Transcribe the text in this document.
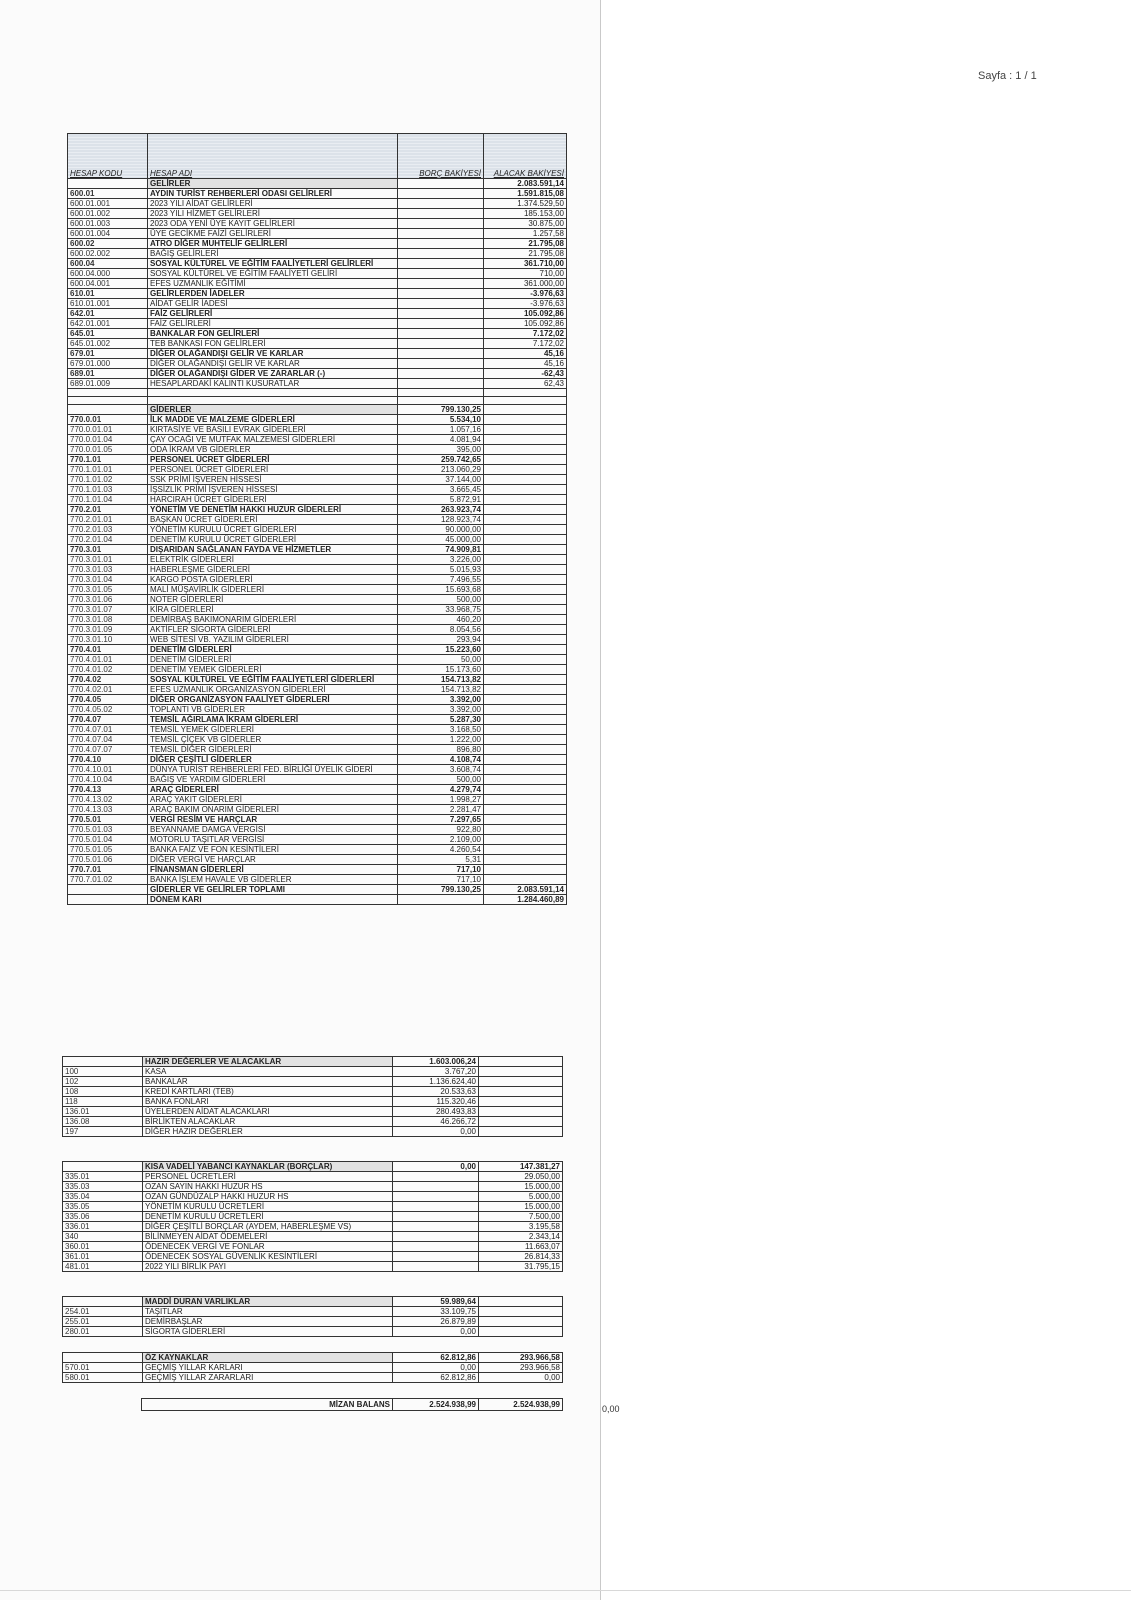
Sayfa : 1 / 1
0,00
HESAP KODU	HESAP ADI	BORÇ BAKİYESİ	ALACAK BAKİYESİ
	GELİRLER		2.083.591,14
600.01	AYDIN TURİST REHBERLERİ ODASI GELİRLERİ		1.591.815,08
600.01.001	2023 YILI AİDAT GELİRLERİ		1.374.529,50
600.01.002	2023 YILI HİZMET GELİRLERİ		185.153,00
600.01.003	2023 ODA YENİ ÜYE KAYIT GELİRLERİ		30.875,00
600.01.004	ÜYE GECİKME FAİZİ GELİRLERİ		1.257,58
600.02	ATRO DİĞER MUHTELİF GELİRLERİ		21.795,08
600.02.002	BAĞIŞ GELİRLERİ		21.795,08
600.04	SOSYAL KÜLTÜREL VE EĞİTİM FAALİYETLERİ GELİRLERİ		361.710,00
600.04.000	SOSYAL KÜLTÜREL VE EĞİTİM FAALİYETİ GELİRİ		710,00
600.04.001	EFES UZMANLIK EĞİTİMİ		361.000,00
610.01	GELİRLERDEN İADELER		-3.976,63
610.01.001	AİDAT GELİR İADESİ		-3.976,63
642.01	FAİZ GELİRLERİ		105.092,86
642.01.001	FAİZ GELİRLERİ		105.092,86
645.01	BANKALAR FON GELİRLERİ		7.172,02
645.01.002	TEB BANKASI FON GELİRLERİ		7.172,02
679.01	DİĞER OLAĞANDIŞI GELİR VE KARLAR		45,16
679.01.000	DİĞER OLAĞANDIŞI GELİR VE KARLAR		45,16
689.01	DİĞER OLAĞANDIŞI GİDER VE ZARARLAR (-)		-62,43
689.01.009	HESAPLARDAKİ KALINTI KUSURATLAR		62,43

	GİDERLER	799.130,25	
770.0.01	İLK MADDE VE MALZEME GİDERLERİ	5.534,10	
770.0.01.01	KIRTASİYE VE BASILI EVRAK GİDERLERİ	1.057,16	
770.0.01.04	ÇAY OCAĞI VE MUTFAK MALZEMESİ GİDERLERİ	4.081,94	
770.0.01.05	ODA İKRAM VB GİDERLER	395,00	
770.1.01	PERSONEL ÜCRET GİDERLERİ	259.742,65	
770.1.01.01	PERSONEL ÜCRET GİDERLERİ	213.060,29	
770.1.01.02	SSK PRİMİ İŞVEREN HİSSESİ	37.144,00	
770.1.01.03	İŞSİZLİK PRİMİ İŞVEREN HİSSESİ	3.665,45	
770.1.01.04	HARCIRAH ÜCRET GİDERLERİ	5.872,91	
770.2.01	YÖNETİM VE DENETİM HAKKI HUZUR GİDERLERİ	263.923,74	
770.2.01.01	BAŞKAN ÜCRET GİDERLERİ	128.923,74	
770.2.01.03	YÖNETİM KURULU ÜCRET GİDERLERİ	90.000,00	
770.2.01.04	DENETİM KURULU ÜCRET GİDERLERİ	45.000,00	
770.3.01	DIŞARIDAN SAĞLANAN FAYDA VE HİZMETLER	74.909,81	
770.3.01.01	ELEKTRİK GİDERLERİ	3.226,00	
770.3.01.03	HABERLEŞME GİDERLERİ	5.015,93	
770.3.01.04	KARGO POSTA GİDERLERİ	7.496,55	
770.3.01.05	MALİ MÜŞAVİRLİK GİDERLERİ	15.693,68	
770.3.01.06	NOTER GİDERLERİ	500,00	
770.3.01.07	KİRA GİDERLERİ	33.968,75	
770.3.01.08	DEMİRBAŞ BAKIMONARIM GİDERLERİ	460,20	
770.3.01.09	AKTİFLER SİGORTA GİDERLERİ	8.054,56	
770.3.01.10	WEB SİTESİ VB. YAZILIM GİDERLERİ	293,94	
770.4.01	DENETİM GİDERLERİ	15.223,60	
770.4.01.01	DENETİM GİDERLERİ	50,00	
770.4.01.02	DENETİM YEMEK GİDERLERİ	15.173,60	
770.4.02	SOSYAL KÜLTÜREL VE EĞİTİM FAALİYETLERİ GİDERLERİ	154.713,82	
770.4.02.01	EFES UZMANLIK ORGANİZASYON GİDERLERİ	154.713,82	
770.4.05	DİĞER ORGANİZASYON FAALİYET GİDERLERİ	3.392,00	
770.4.05.02	TOPLANTI VB GİDERLER	3.392,00	
770.4.07	TEMSİL AĞIRLAMA İKRAM GİDERLERİ	5.287,30	
770.4.07.01	TEMSİL YEMEK GİDERLERİ	3.168,50	
770.4.07.04	TEMSİL ÇİÇEK VB GİDERLER	1.222,00	
770.4.07.07	TEMSİL DİĞER GİDERLERİ	896,80	
770.4.10	DİĞER ÇEŞİTLİ GİDERLER	4.108,74	
770.4.10.01	DÜNYA TURİST REHBERLERİ FED. BİRLİĞİ ÜYELİK GİDERİ	3.608,74	
770.4.10.04	BAĞIŞ VE YARDIM GİDERLERİ	500,00	
770.4.13	ARAÇ GİDERLERİ	4.279,74	
770.4.13.02	ARAÇ YAKIT GİDERLERİ	1.998,27	
770.4.13.03	ARAÇ BAKIM ONARIM GİDERLERİ	2.281,47	
770.5.01	VERGİ RESİM VE HARÇLAR	7.297,65	
770.5.01.03	BEYANNAME DAMGA VERGİSİ	922,80	
770.5.01.04	MOTORLU TAŞITLAR VERGİSİ	2.109,00	
770.5.01.05	BANKA FAİZ VE FON KESİNTİLERİ	4.260,54	
770.5.01.06	DİĞER VERGİ VE HARÇLAR	5,31	
770.7.01	FİNANSMAN GİDERLERİ	717,10	
770.7.01.02	BANKA İŞLEM HAVALE VB GİDERLER	717,10	
	GİDERLER VE GELİRLER TOPLAMI	799.130,25	2.083.591,14
	DÖNEM KARI		1.284.460,89
	HAZIR DEĞERLER VE ALACAKLAR	1.603.006,24	
100	KASA	3.767,20	
102	BANKALAR	1.136.624,40	
108	KREDİ KARTLARI (TEB)	20.533,63	
118	BANKA FONLARI	115.320,46	
136.01	ÜYELERDEN AİDAT ALACAKLARI	280.493,83	
136.08	BİRLİKTEN ALACAKLAR	46.266,72	
197	DİĞER HAZIR DEĞERLER	0,00	
	KISA VADELİ YABANCI KAYNAKLAR (BORÇLAR)	0,00	147.381,27
335.01	PERSONEL ÜCRETLERİ		29.050,00
335.03	OZAN SAYIN HAKKI HUZUR HS		15.000,00
335.04	OZAN GÜNDÜZALP HAKKI HUZUR HS		5.000,00
335.05	YÖNETİM KURULU ÜCRETLERİ		15.000,00
335.06	DENETİM KURULU ÜCRETLERİ		7.500,00
336.01	DİĞER ÇEŞİTLİ BORÇLAR (AYDEM, HABERLEŞME VS)		3.195,58
340	BİLİNMEYEN AİDAT ÖDEMELERİ		2.343,14
360.01	ÖDENECEK VERGİ VE FONLAR		11.663,07
361.01	ÖDENECEK SOSYAL GÜVENLİK KESİNTİLERİ		26.814,33
481.01	2022 YILI BİRLİK PAYI		31.795,15
	MADDİ DURAN VARLIKLAR	59.989,64	
254.01	TAŞITLAR	33.109,75	
255.01	DEMİRBAŞLAR	26.879,89	
280.01	SİGORTA GİDERLERİ	0,00	
	ÖZ KAYNAKLAR	62.812,86	293.966,58
570.01	GEÇMİŞ YILLAR KARLARI	0,00	293.966,58
580.01	GEÇMİŞ YILLAR ZARARLARI	62.812,86	0,00
MİZAN BALANS	2.524.938,99	2.524.938,99
